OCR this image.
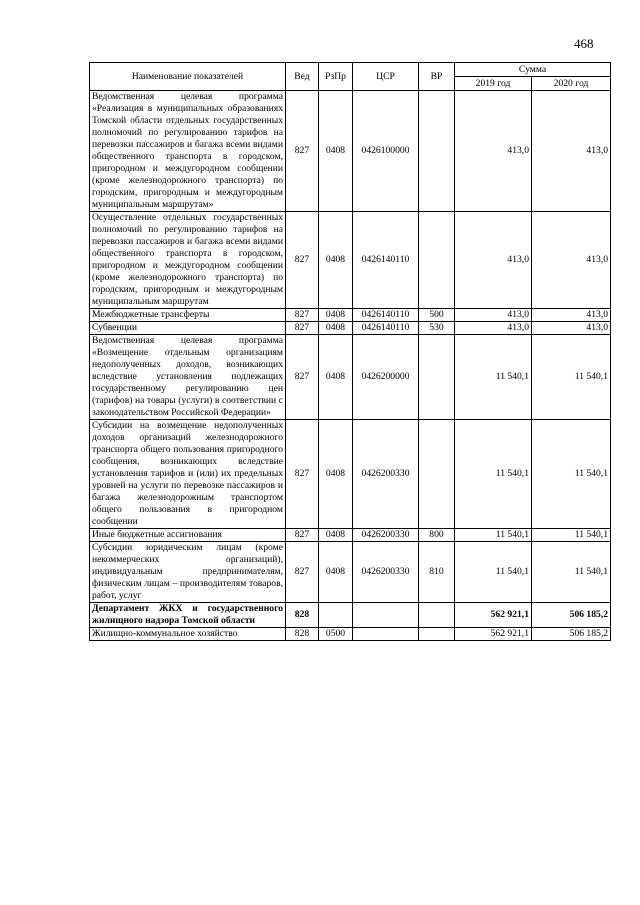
468
Наименование показателей	Вед	РзПр	ЦСР	ВР	Сумма	
					2019 год	2020 год
Ведомственная целевая программа «Реализация в муниципальных образованиях Томской области отдельных государственных полномочий по регулированию тарифов на перевозки пассажиров и багажа всеми видами общественного транспорта в городском, пригородном и междугородном сообщении (кроме железнодорожного транспорта) по городским, пригородным и междугородным муниципальным маршрутам»	827	0408	0426100000		413,0	413,0
Осуществление отдельных государственных полномочий по регулированию тарифов на перевозки пассажиров и багажа всеми видами общественного транспорта в городском, пригородном и междугородном сообщении (кроме железнодорожного транспорта) по городским, пригородным и междугородным муниципальным маршрутам	827	0408	0426140110		413,0	413,0
Межбюджетные трансферты	827	0408	0426140110	500	413,0	413,0
Субвенции	827	0408	0426140110	530	413,0	413,0
Ведомственная целевая программа «Возмещение отдельным организациям недополученных доходов, возникающих вследствие установления подлежащих государственному регулированию цен (тарифов) на товары (услуги) в соответствии с законодательством Российской Федерации»	827	0408	0426200000		11 540,1	11 540,1
Субсидии на возмещение недополученных доходов организаций железнодорожного транспорта общего пользования пригородного сообщения, возникающих вследствие установления тарифов и (или) их предельных уровней на услуги по перевозке пассажиров и багажа железнодорожным транспортом общего пользования в пригородном сообщении	827	0408	0426200330		11 540,1	11 540,1
Иные бюджетные ассигнования	827	0408	0426200330	800	11 540,1	11 540,1
Субсидии юридическим лицам (кроме некоммерческих организаций), индивидуальным предпринимателям, физическим лицам – производителям товаров, работ, услуг	827	0408	0426200330	810	11 540,1	11 540,1
Департамент ЖКХ и государственного жилищного надзора Томской области	828				562 921,1	506 185,2
Жилищно-коммунальное хозяйство	828	0500			562 921,1	506 185,2
